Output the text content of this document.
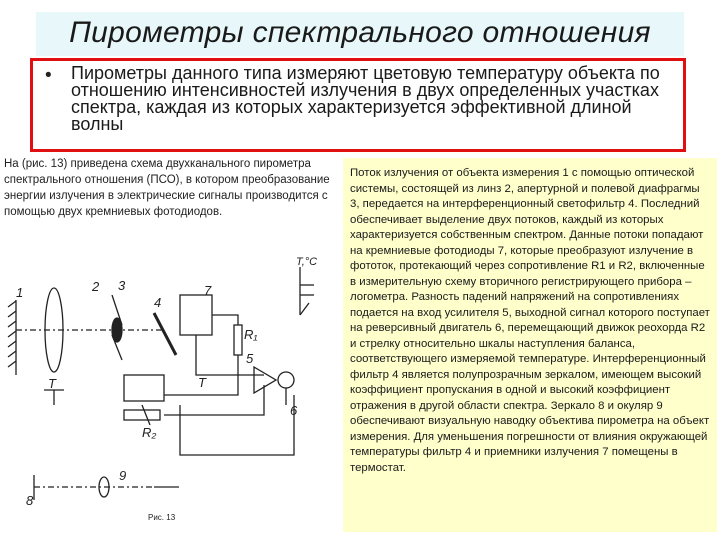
Пирометры спектрального отношения
• Пирометры данного типа измеряют цветовую температуру объекта по отношению интенсивностей излучения в двух определенных участках спектра, каждая из которых характеризуется эффективной длиной волны
На (рис. 13) приведена схема двухканального пирометра спектрального отношения (ПСО), в котором преобразование энергии излучения в электрические сигналы производится с помощью двух кремниевых фотодиодов.
Поток излучения от объекта измерения 1 с помощью оптической системы, состоящей из линз 2, апертурной и полевой диафрагмы 3, передается на интерференционный светофильтр 4. Последний обеспечивает выделение двух потоков, каждый из которых характеризуется собственным спектром. Данные потоки попадают на кремниевые фотодиоды 7, которые преобразуют излучение в фототок, протекающий через сопротивление R1 и R2, включенные в измерительную схему вторичного регистрирующего прибора – логометра. Разность падений напряжений на сопротивлениях подается на вход усилителя 5, выходной сигнал которого поступает на реверсивный двигатель 6, перемещающий движок реохорда R2 и стрелку относительно шкалы наступления баланса, соответствующего измеряемой температуре. Интерференционный фильтр 4 является полупрозрачным зеркалом, имеющем высокий коэффициент пропускания в одной и высокий коэффициент отражения в другой области спектра. Зеркало 8 и окуляр 9 обеспечивают визуальную наводку объектива пирометра на объект измерения. Для уменьшения погрешности от влияния окружающей температуры фильтр 4 и приемники излучения 7 помещены в термостат.
1	2 3
4
5
6
7
8
9
T	T
R₁
R₂
T,°C
Рис. 13
